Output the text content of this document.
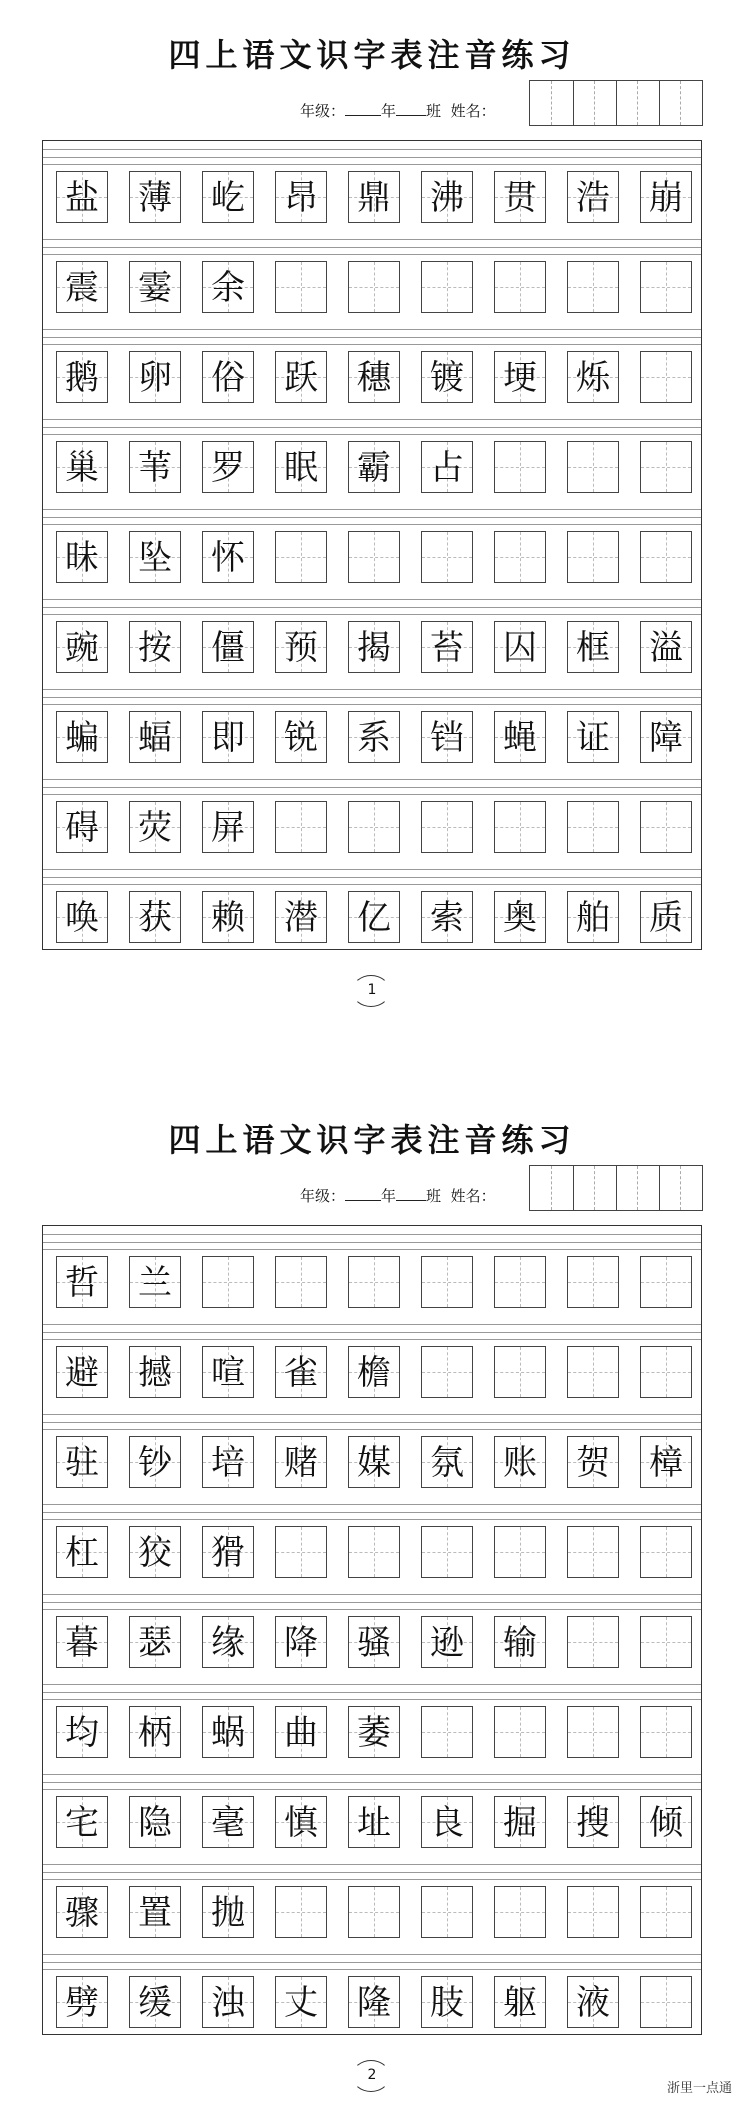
四上语文识字表注音练习
年级： 年 班 姓名：
盐 薄 屹 昂 鼎 沸 贯 浩 崩
震 霎 余
鹅 卵 俗 跃 穗 镀 埂 烁
巢 苇 罗 眠 霸 占
昧 坠 怀
豌 按 僵 预 揭 苔 囚 框 溢
蝙 蝠 即 锐 系 铛 蝇 证 障
碍 荧 屏
唤 获 赖 潜 亿 索 奥 舶 质
1
四上语文识字表注音练习
年级： 年 班 姓名：
哲 兰
避 撼 喧 雀 檐
驻 钞 培 赌 媒 氛 账 贺 樟
杠 狡 猾
暮 瑟 缘 降 骚 逊 输
均 柄 蜗 曲 萎
宅 隐 毫 慎 址 良 掘 搜 倾
骤 置 抛
劈 缓 浊 丈 隆 肢 躯 液
2
浙里一点通
